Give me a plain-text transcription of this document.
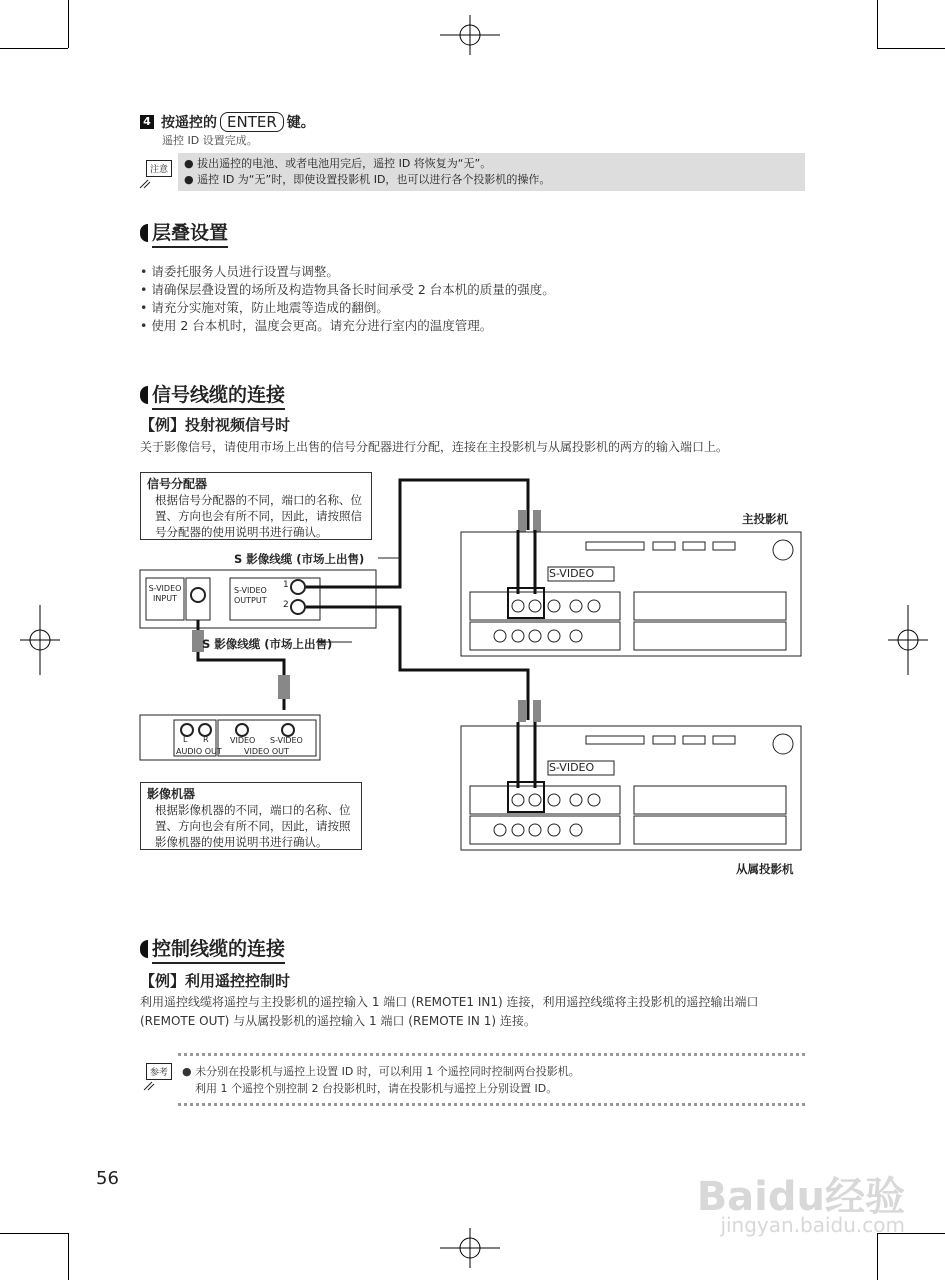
4 按遥控的 ENTER 键。
遥控 ID 设置完成。
注意	● 拔出遥控的电池、或者电池用完后，遥控 ID 将恢复为“无”。
● 遥控 ID 为“无”时，即使设置投影机 ID，也可以进行各个投影机的操作。
层叠设置
• 请委托服务人员进行设置与调整。
• 请确保层叠设置的场所及构造物具备长时间承受 2 台本机的质量的强度。
• 请充分实施对策，防止地震等造成的翻倒。
• 使用 2 台本机时，温度会更高。请充分进行室内的温度管理。
信号线缆的连接
【例】投射视频信号时
关于影像信号，请使用市场上出售的信号分配器进行分配，连接在主投影机与从属投影机的两方的输入端口上。
信号分配器
根据信号分配器的不同，端口的名称、位置、方向也会有所不同，因此，请按照信号分配器的使用说明书进行确认。
S 影像线缆 (市场上出售)
S 影像线缆 (市场上出售)
S-VIDEO
INPUT
S-VIDEO
OUTPUT
1
2
主投影机
从属投影机
S-VIDEO
S-VIDEO
L R
AUDIO OUT
VIDEO S-VIDEO
VIDEO OUT
影像机器
根据影像机器的不同，端口的名称、位置、方向也会有所不同，因此，请按照影像机器的使用说明书进行确认。
控制线缆的连接
【例】利用遥控控制时
利用遥控线缆将遥控与主投影机的遥控输入 1 端口 (REMOTE1 IN1) 连接，利用遥控线缆将主投影机的遥控输出端口 (REMOTE OUT) 与从属投影机的遥控输入 1 端口 (REMOTE IN 1) 连接。
参考	● 未分别在投影机与遥控上设置 ID 时，可以利用 1 个遥控同时控制两台投影机。
利用 1 个遥控个别控制 2 台投影机时，请在投影机与遥控上分别设置 ID。
56	Baidu经验
jingyan.baidu.com
